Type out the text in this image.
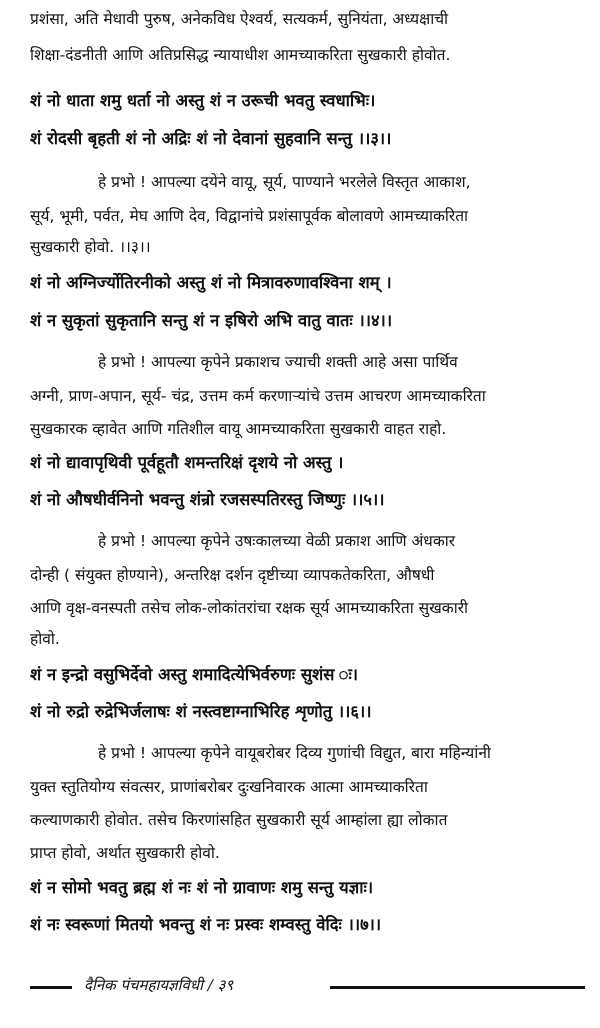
प्रशंसा, अति मेधावी पुरुष, अनेकविध ऐश्वर्य, सत्यकर्म, सुनियंता, अध्यक्षाची

शिक्षा-दंडनीती आणि अतिप्रसिद्ध न्यायाधीश आमच्याकरिता सुखकारी होवोत.

शं नो धाता शमु धर्ता नो अस्तु शं न उरूची भवतु स्वधाभिः।

शं रोदसी बृहती शं नो अद्रिः शं नो देवानां सुहवानि सन्तु ।।३।।

हे प्रभो ! आपल्या दयेने वायू, सूर्य, पाण्याने भरलेले विस्तृत आकाश,

सूर्य, भूमी, पर्वत, मेघ आणि देव, विद्वानांचे प्रशंसापूर्वक बोलावणे आमच्याकरिता

सुखकारी होवो. ।।३।।

शं नो अग्निर्ज्योतिरनीको अस्तु शं नो मित्रावरुणावश्विना शम् ।

शं न सुकृतां सुकृतानि सन्तु शं न इषिरो अभि वातु वातः ।।४।।

हे प्रभो ! आपल्या कृपेने प्रकाशच ज्याची शक्ती आहे असा पार्थिव

अग्नी, प्राण-अपान, सूर्य- चंद्र, उत्तम कर्म करणाऱ्यांचे उत्तम आचरण आमच्याकरिता

सुखकारक व्हावेत आणि गतिशील वायू आमच्याकरिता सुखकारी वाहत राहो.

शं नो द्यावापृथिवी पूर्वहूतौ शमन्तरिक्षं दृशये नो अस्तु ।

शं नो औषधीर्वनिनो भवन्तु शंन्रो रजसस्पतिरस्तु जिष्णुः ।।५।।

हे प्रभो ! आपल्या कृपेने उषःकालच्या वेळी प्रकाश आणि अंधकार

दोन्ही ( संयुक्त होण्याने), अन्तरिक्ष दर्शन दृष्टीच्या व्यापकतेकरिता, औषधी

आणि वृक्ष-वनस्पती तसेच लोक-लोकांतरांचा रक्षक सूर्य आमच्याकरिता सुखकारी

होवो.

शं न इन्द्रो वसुभिर्देवो अस्तु शमादित्येभिर्वरुणः सुशंस ः।

शं नो रुद्रो रुद्रेभिर्जलाषः शं नस्त्वष्टाग्नाभिरिह शृणोतु ।।६।।

हे प्रभो ! आपल्या कृपेने वायूबरोबर दिव्य गुणांची विद्युत, बारा महिन्यांनी

युक्त स्तुतियोग्य संवत्सर, प्राणांबरोबर दुःखनिवारक आत्मा आमच्याकरिता

कल्याणकारी होवोत. तसेच किरणांसहित सुखकारी सूर्य आम्हांला ह्या लोकात

प्राप्त होवो, अर्थात सुखकारी होवो.

शं न सोमो भवतु ब्रह्म शं नः शं नो ग्रावाणः शमु सन्तु यज्ञाः।

शं नः स्वरूणां मितयो भवन्तु शं नः प्रस्वः शम्वस्तु वेदिः ।।७।।

दैनिक पंचमहायज्ञविधी / ३९
